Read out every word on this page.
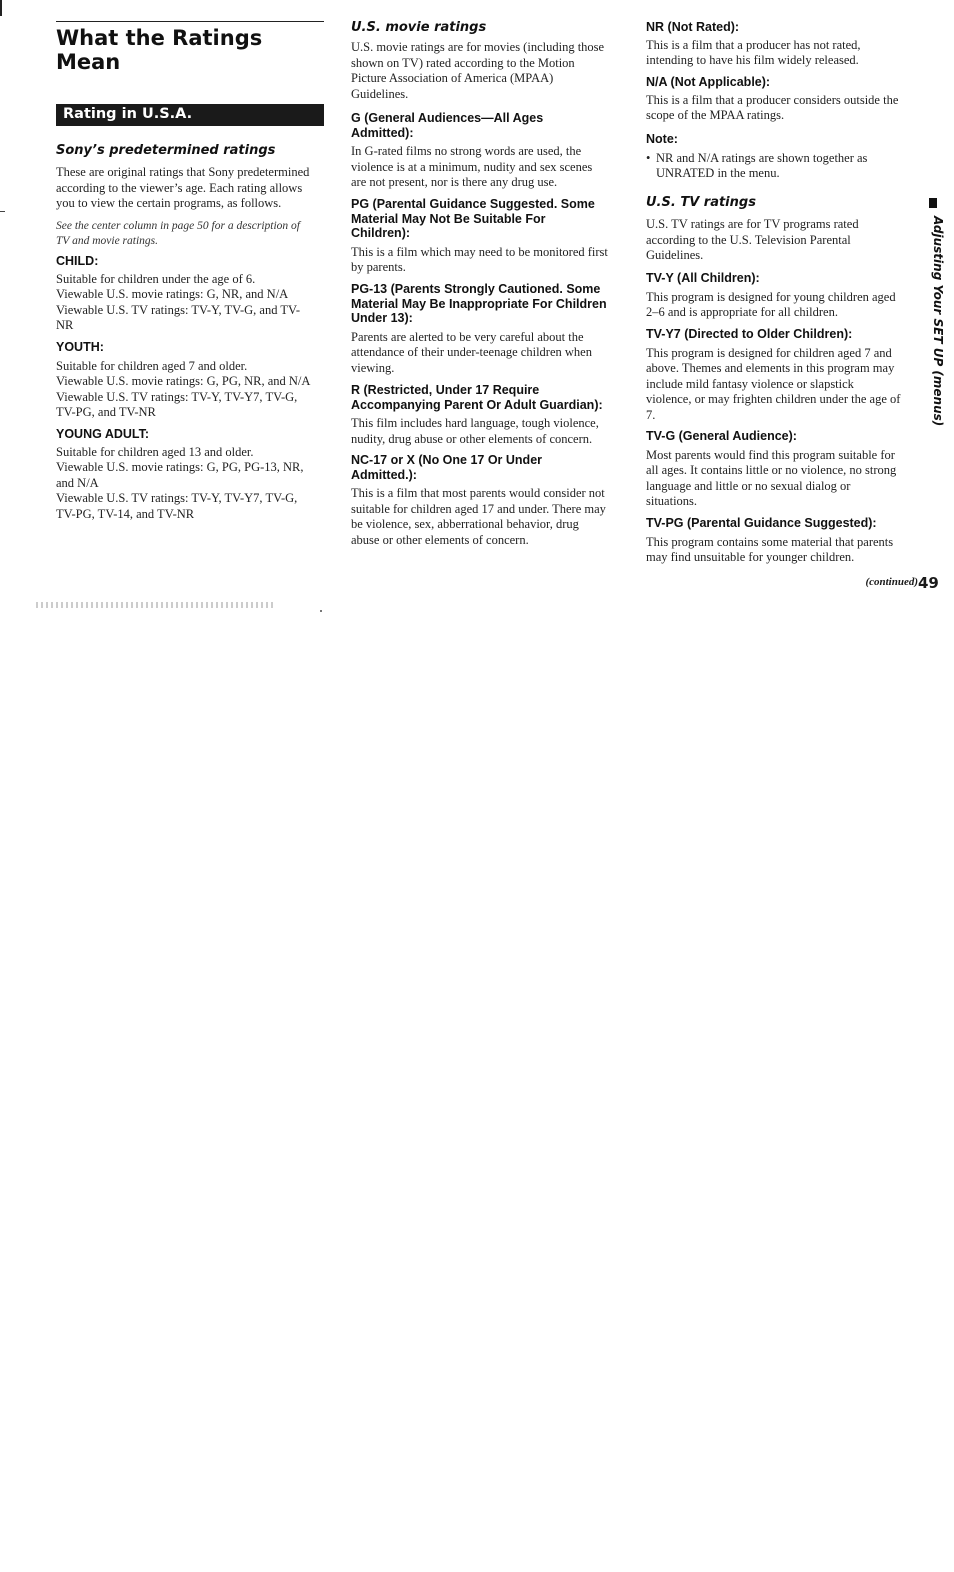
What the Ratings Mean
Rating in U.S.A.

Sony’s predetermined ratings

These are original ratings that Sony predetermined
according to the viewer’s age. Each rating allows
you to view the certain programs, as follows.

See the center column in page 50 for a description of
TV and movie ratings.

CHILD:

Suitable for children under the age of 6.
Viewable U.S. movie ratings: G, NR, and N/A
Viewable U.S. TV ratings: TV-Y, TV-G, and TV-
NR

YOUTH:

Suitable for children aged 7 and older.
Viewable U.S. movie ratings: G, PG, NR, and N/A
Viewable U.S. TV ratings: TV-Y, TV-Y7, TV-G,
TV-PG, and TV-NR

YOUNG ADULT:

Suitable for children aged 13 and older.
Viewable U.S. movie ratings: G, PG, PG-13, NR,
and N/A
Viewable U.S. TV ratings: TV-Y, TV-Y7, TV-G,
TV-PG, TV-14, and TV-NR

U.S. movie ratings

U.S. movie ratings are for movies (including those
shown on TV) rated according to the Motion
Picture Association of America (MPAA)
Guidelines.

G (General Audiences—All Ages
Admitted):

In G-rated films no strong words are used, the
violence is at a minimum, nudity and sex scenes
are not present, nor is there any drug use.

PG (Parental Guidance Suggested. Some
Material May Not Be Suitable For
Children):

This is a film which may need to be monitored first
by parents.

PG-13 (Parents Strongly Cautioned. Some
Material May Be Inappropriate For Children
Under 13):

Parents are alerted to be very careful about the
attendance of their under-teenage children when
viewing.

R (Restricted, Under 17 Require
Accompanying Parent Or Adult Guardian):

This film includes hard language, tough violence,
nudity, drug abuse or other elements of concern.

NC-17 or X (No One 17 Or Under
Admitted.):

This is a film that most parents would consider not
suitable for children aged 17 and under. There may
be violence, sex, abberrational behavior, drug
abuse or other elements of concern.

NR (Not Rated):

This is a film that a producer has not rated,
intending to have his film widely released.

N/A (Not Applicable):

This is a film that a producer considers outside the
scope of the MPAA ratings.

Note:

• NR and N/A ratings are shown together as
UNRATED in the menu.

U.S. TV ratings

U.S. TV ratings are for TV programs rated
according to the U.S. Television Parental
Guidelines.

TV-Y (All Children):

This program is designed for young children aged
2–6 and is appropriate for all children.

TV-Y7 (Directed to Older Children):

This program is designed for children aged 7 and
above. Themes and elements in this program may
include mild fantasy violence or slapstick
violence, or may frighten children under the age of
7.

TV-G (General Audience):

Most parents would find this program suitable for
all ages. It contains little or no violence, no strong
language and little or no sexual dialog or
situations.

TV-PG (Parental Guidance Suggested):

This program contains some material that parents
may find unsuitable for younger children.

(continued) 49
Adjusting Your SET UP (menus)
